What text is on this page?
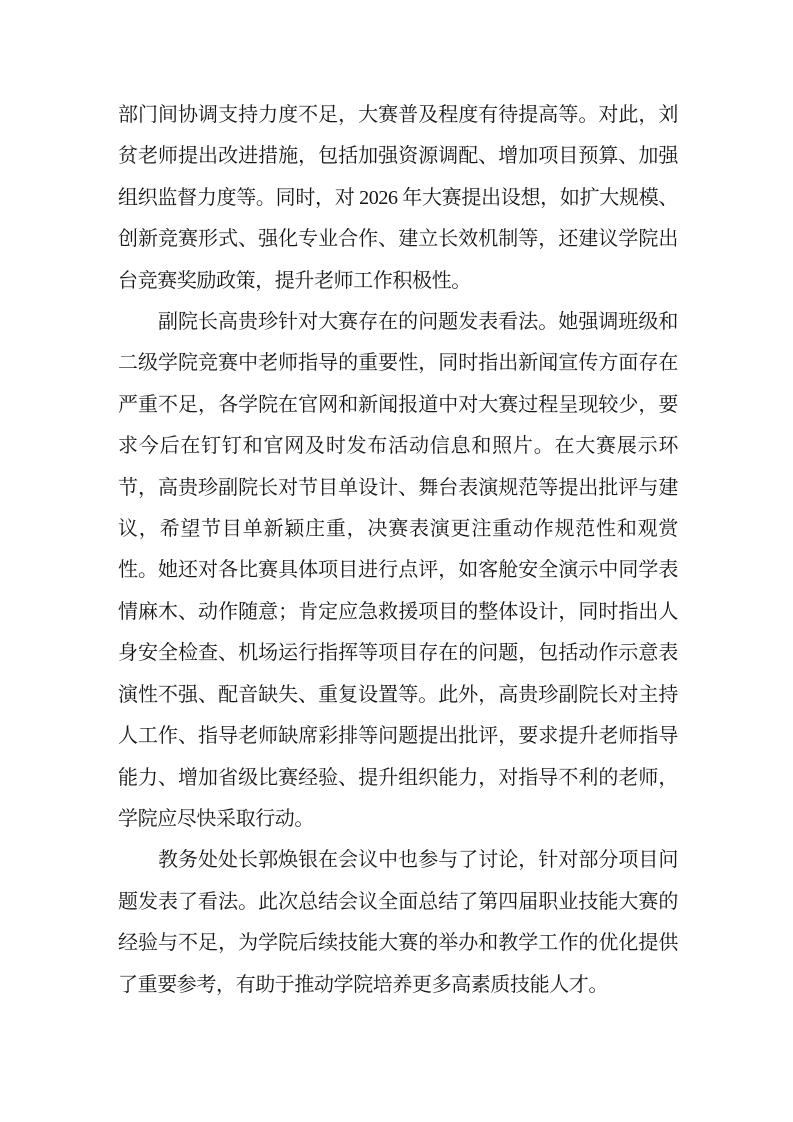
部门间协调支持力度不足，大赛普及程度有待提高等。对此，刘贫老师提出改进措施，包括加强资源调配、增加项目预算、加强组织监督力度等。同时，对 2026 年大赛提出设想，如扩大规模、创新竞赛形式、强化专业合作、建立长效机制等，还建议学院出台竞赛奖励政策，提升老师工作积极性。

副院长高贵珍针对大赛存在的问题发表看法。她强调班级和二级学院竞赛中老师指导的重要性，同时指出新闻宣传方面存在严重不足，各学院在官网和新闻报道中对大赛过程呈现较少，要求今后在钉钉和官网及时发布活动信息和照片。在大赛展示环节，高贵珍副院长对节目单设计、舞台表演规范等提出批评与建议，希望节目单新颖庄重，决赛表演更注重动作规范性和观赏性。她还对各比赛具体项目进行点评，如客舱安全演示中同学表情麻木、动作随意；肯定应急救援项目的整体设计，同时指出人身安全检查、机场运行指挥等项目存在的问题，包括动作示意表演性不强、配音缺失、重复设置等。此外，高贵珍副院长对主持人工作、指导老师缺席彩排等问题提出批评，要求提升老师指导能力、增加省级比赛经验、提升组织能力，对指导不利的老师，学院应尽快采取行动。

教务处处长郭焕银在会议中也参与了讨论，针对部分项目问题发表了看法。此次总结会议全面总结了第四届职业技能大赛的经验与不足，为学院后续技能大赛的举办和教学工作的优化提供了重要参考，有助于推动学院培养更多高素质技能人才。
